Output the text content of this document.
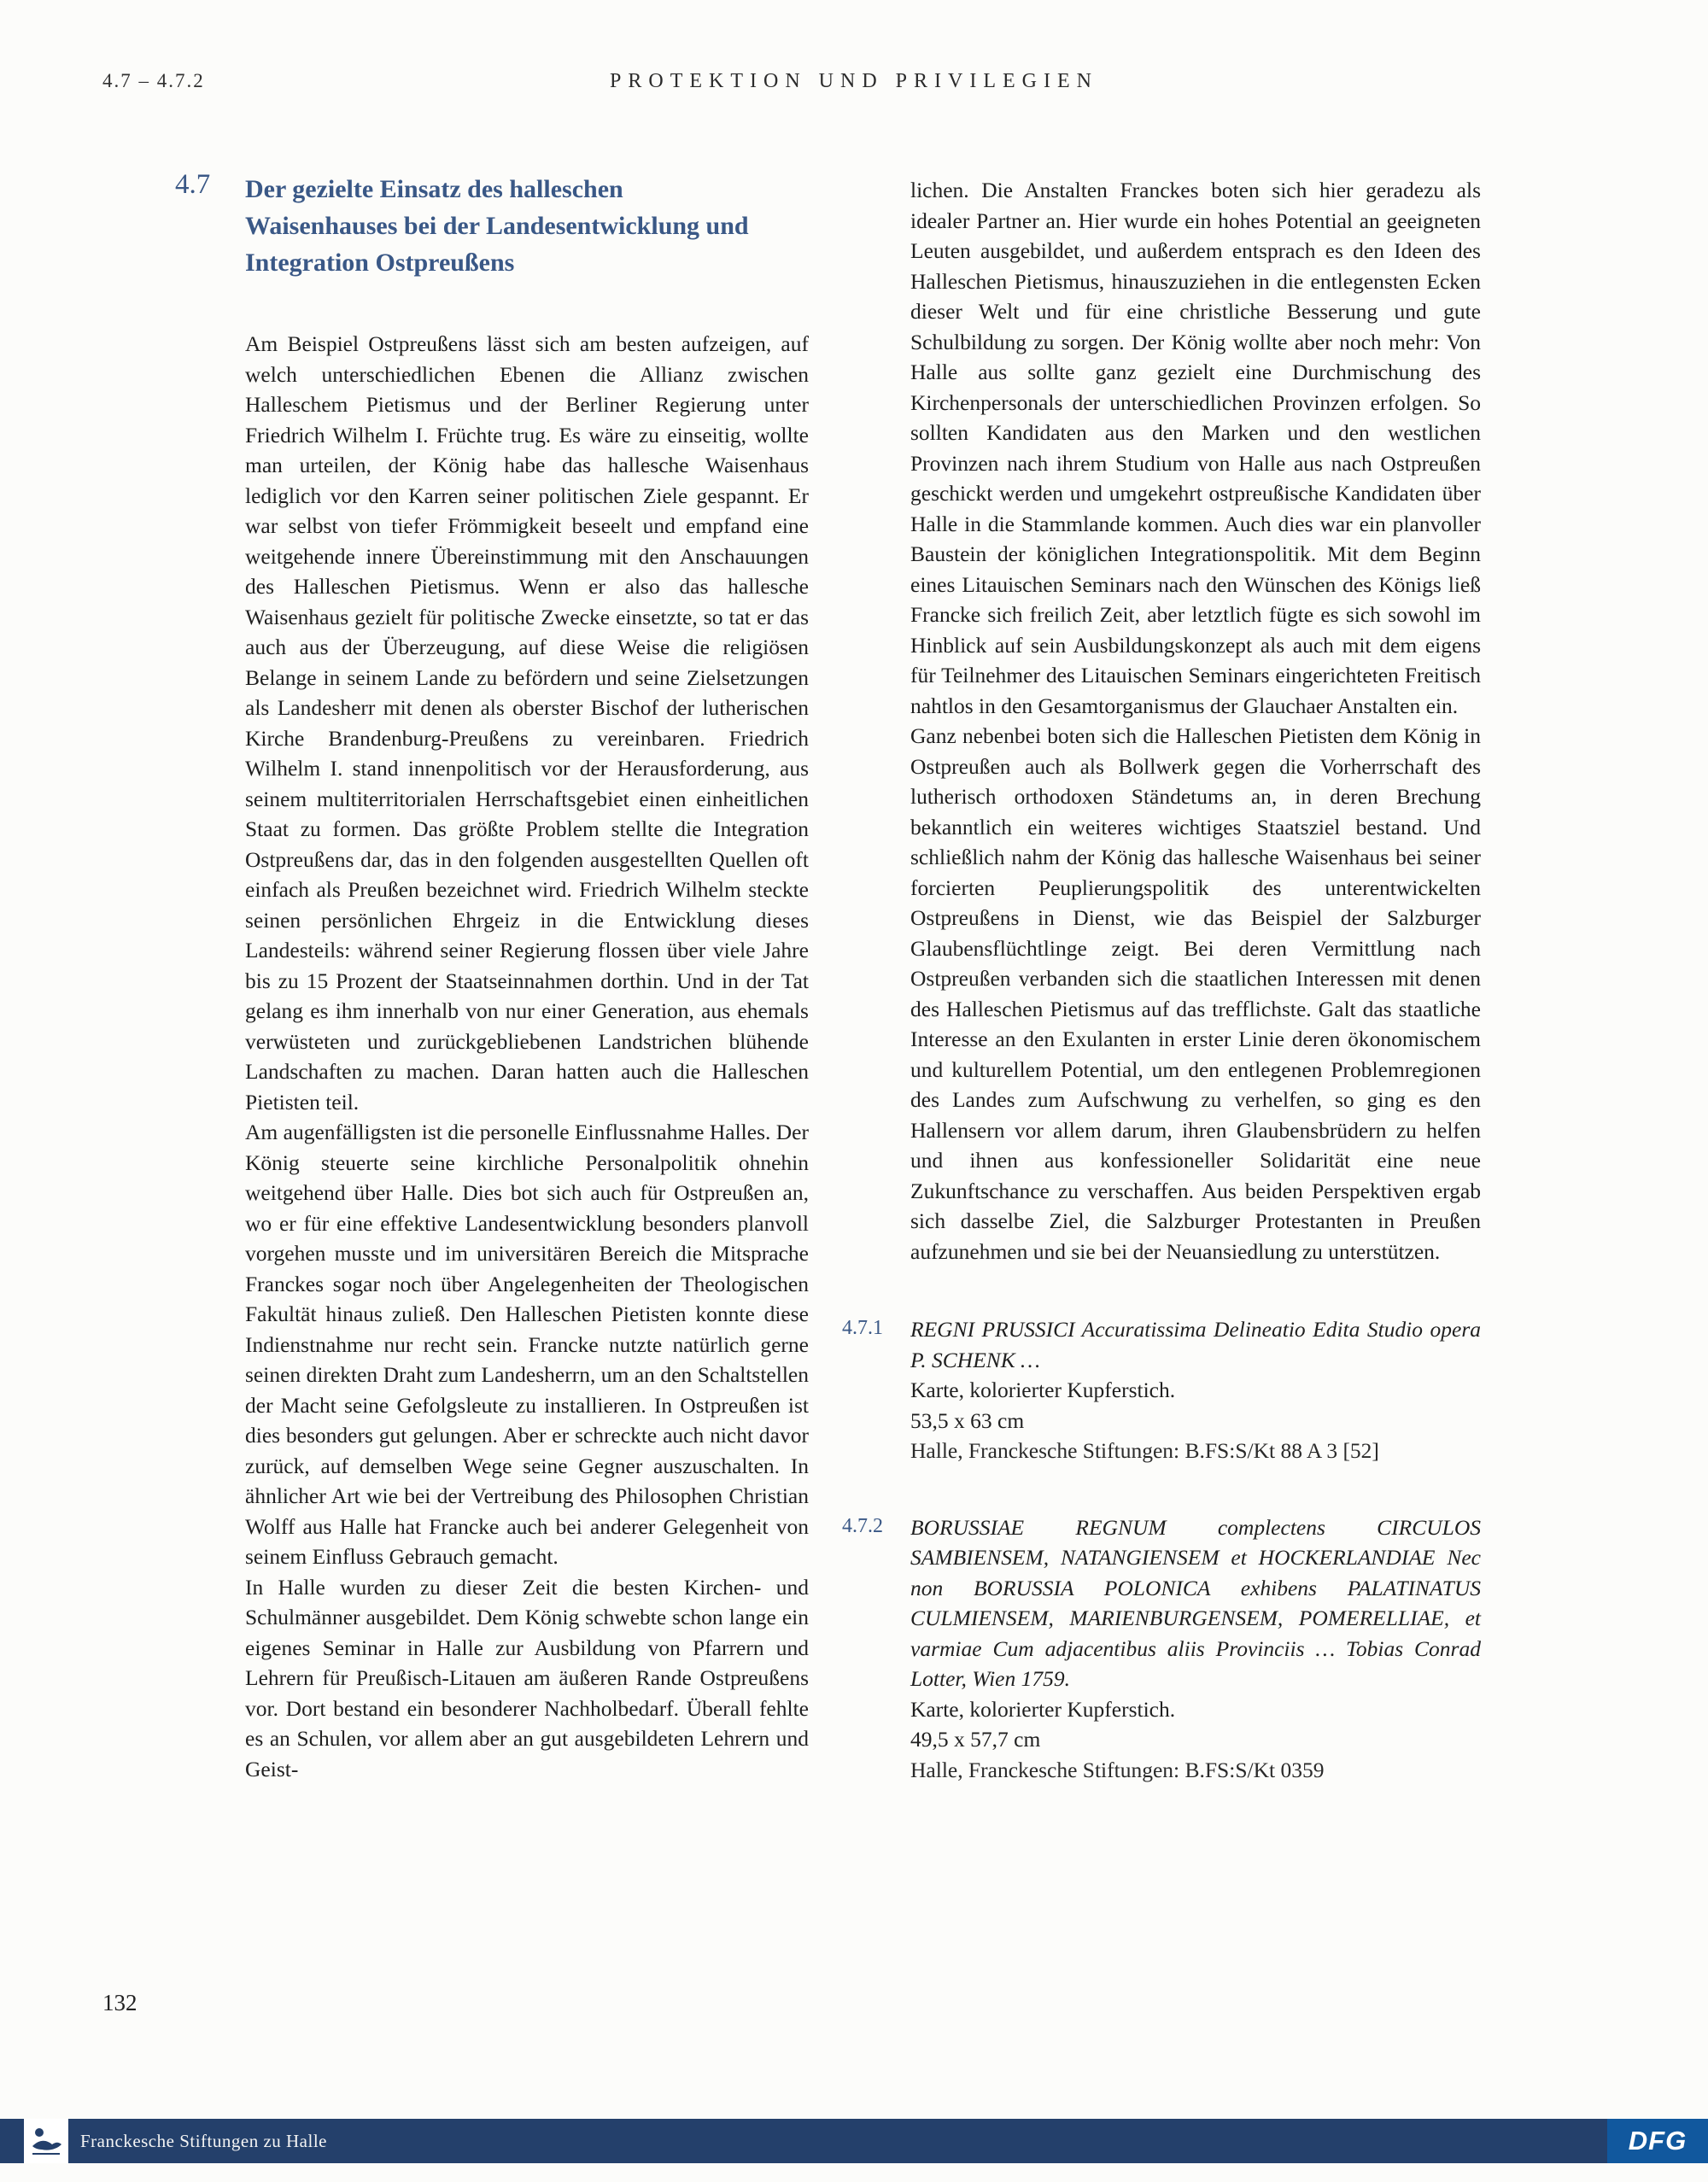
4.7 – 4.7.2	PROTEKTION UND PRIVILEGIEN
4.7 Der gezielte Einsatz des halleschen Waisenhauses bei der Landesentwicklung und Integration Ostpreußens

Am Beispiel Ostpreußens lässt sich am besten aufzeigen, auf welch unterschiedlichen Ebenen die Allianz zwischen Halleschem Pietismus und der Berliner Regierung unter Friedrich Wilhelm I. Früchte trug. Es wäre zu einseitig, wollte man urteilen, der König habe das hallesche Waisenhaus lediglich vor den Karren seiner politischen Ziele gespannt. Er war selbst von tiefer Frömmigkeit beseelt und empfand eine weitgehende innere Übereinstimmung mit den Anschauungen des Halleschen Pietismus. Wenn er also das hallesche Waisenhaus gezielt für politische Zwecke einsetzte, so tat er das auch aus der Überzeugung, auf diese Weise die religiösen Belange in seinem Lande zu befördern und seine Zielsetzungen als Landesherr mit denen als oberster Bischof der lutherischen Kirche Brandenburg-Preußens zu vereinbaren. Friedrich Wilhelm I. stand innenpolitisch vor der Herausforderung, aus seinem multiterritorialen Herrschaftsgebiet einen einheitlichen Staat zu formen. Das größte Problem stellte die Integration Ostpreußens dar, das in den folgenden ausgestellten Quellen oft einfach als Preußen bezeichnet wird. Friedrich Wilhelm steckte seinen persönlichen Ehrgeiz in die Entwicklung dieses Landesteils: während seiner Regierung flossen über viele Jahre bis zu 15 Prozent der Staatseinnahmen dorthin. Und in der Tat gelang es ihm innerhalb von nur einer Generation, aus ehemals verwüsteten und zurückgebliebenen Landstrichen blühende Landschaften zu machen. Daran hatten auch die Halleschen Pietisten teil.

Am augenfälligsten ist die personelle Einflussnahme Halles. Der König steuerte seine kirchliche Personalpolitik ohnehin weitgehend über Halle. Dies bot sich auch für Ostpreußen an, wo er für eine effektive Landesentwicklung besonders planvoll vorgehen musste und im universitären Bereich die Mitsprache Franckes sogar noch über Angelegenheiten der Theologischen Fakultät hinaus zuließ. Den Halleschen Pietisten konnte diese Indienstnahme nur recht sein. Francke nutzte natürlich gerne seinen direkten Draht zum Landesherrn, um an den Schaltstellen der Macht seine Gefolgsleute zu installieren. In Ostpreußen ist dies besonders gut gelungen. Aber er schreckte auch nicht davor zurück, auf demselben Wege seine Gegner auszuschalten. In ähnlicher Art wie bei der Vertreibung des Philosophen Christian Wolff aus Halle hat Francke auch bei anderer Gelegenheit von seinem Einfluss Gebrauch gemacht.

In Halle wurden zu dieser Zeit die besten Kirchen- und Schulmänner ausgebildet. Dem König schwebte schon lange ein eigenes Seminar in Halle zur Ausbildung von Pfarrern und Lehrern für Preußisch-Litauen am äußeren Rande Ostpreußens vor. Dort bestand ein besonderer Nachholbedarf. Überall fehlte es an Schulen, vor allem aber an gut ausgebildeten Lehrern und Geist-

lichen. Die Anstalten Franckes boten sich hier geradezu als idealer Partner an. Hier wurde ein hohes Potential an geeigneten Leuten ausgebildet, und außerdem entsprach es den Ideen des Halleschen Pietismus, hinauszuziehen in die entlegensten Ecken dieser Welt und für eine christliche Besserung und gute Schulbildung zu sorgen. Der König wollte aber noch mehr: Von Halle aus sollte ganz gezielt eine Durchmischung des Kirchenpersonals der unterschiedlichen Provinzen erfolgen. So sollten Kandidaten aus den Marken und den westlichen Provinzen nach ihrem Studium von Halle aus nach Ostpreußen geschickt werden und umgekehrt ostpreußische Kandidaten über Halle in die Stammlande kommen. Auch dies war ein planvoller Baustein der königlichen Integrationspolitik. Mit dem Beginn eines Litauischen Seminars nach den Wünschen des Königs ließ Francke sich freilich Zeit, aber letztlich fügte es sich sowohl im Hinblick auf sein Ausbildungskonzept als auch mit dem eigens für Teilnehmer des Litauischen Seminars eingerichteten Freitisch nahtlos in den Gesamtorganismus der Glauchaer Anstalten ein.

Ganz nebenbei boten sich die Halleschen Pietisten dem König in Ostpreußen auch als Bollwerk gegen die Vorherrschaft des lutherisch orthodoxen Ständetums an, in deren Brechung bekanntlich ein weiteres wichtiges Staatsziel bestand. Und schließlich nahm der König das hallesche Waisenhaus bei seiner forcierten Peuplierungspolitik des unterentwickelten Ostpreußens in Dienst, wie das Beispiel der Salzburger Glaubensflüchtlinge zeigt. Bei deren Vermittlung nach Ostpreußen verbanden sich die staatlichen Interessen mit denen des Halleschen Pietismus auf das trefflichste. Galt das staatliche Interesse an den Exulanten in erster Linie deren ökonomischem und kulturellem Potential, um den entlegenen Problemregionen des Landes zum Aufschwung zu verhelfen, so ging es den Hallensern vor allem darum, ihren Glaubensbrüdern zu helfen und ihnen aus konfessioneller Solidarität eine neue Zukunftschance zu verschaffen. Aus beiden Perspektiven ergab sich dasselbe Ziel, die Salzburger Protestanten in Preußen aufzunehmen und sie bei der Neuansiedlung zu unterstützen.

4.7.1 REGNI PRUSSICI Accuratissima Delineatio Edita Studio opera P. SCHENK …

Karte, kolorierter Kupferstich.

53,5 x 63 cm

Halle, Franckesche Stiftungen: B.FS:S/Kt 88 A 3 [52]

4.7.2 BORUSSIAE REGNUM complectens CIRCULOS SAMBIENSEM, NATANGIENSEM et HOCKERLANDIAE Nec non BORUSSIA POLONICA exhibens PALATINATUS CULMIENSEM, MARIENBURGENSEM, POMERELLIAE, et varmiae Cum adjacentibus aliis Provinciis … Tobias Conrad Lotter, Wien 1759.

Karte, kolorierter Kupferstich.

49,5 x 57,7 cm

Halle, Franckesche Stiftungen: B.FS:S/Kt 0359

132
Franckesche Stiftungen zu Halle	DFG
